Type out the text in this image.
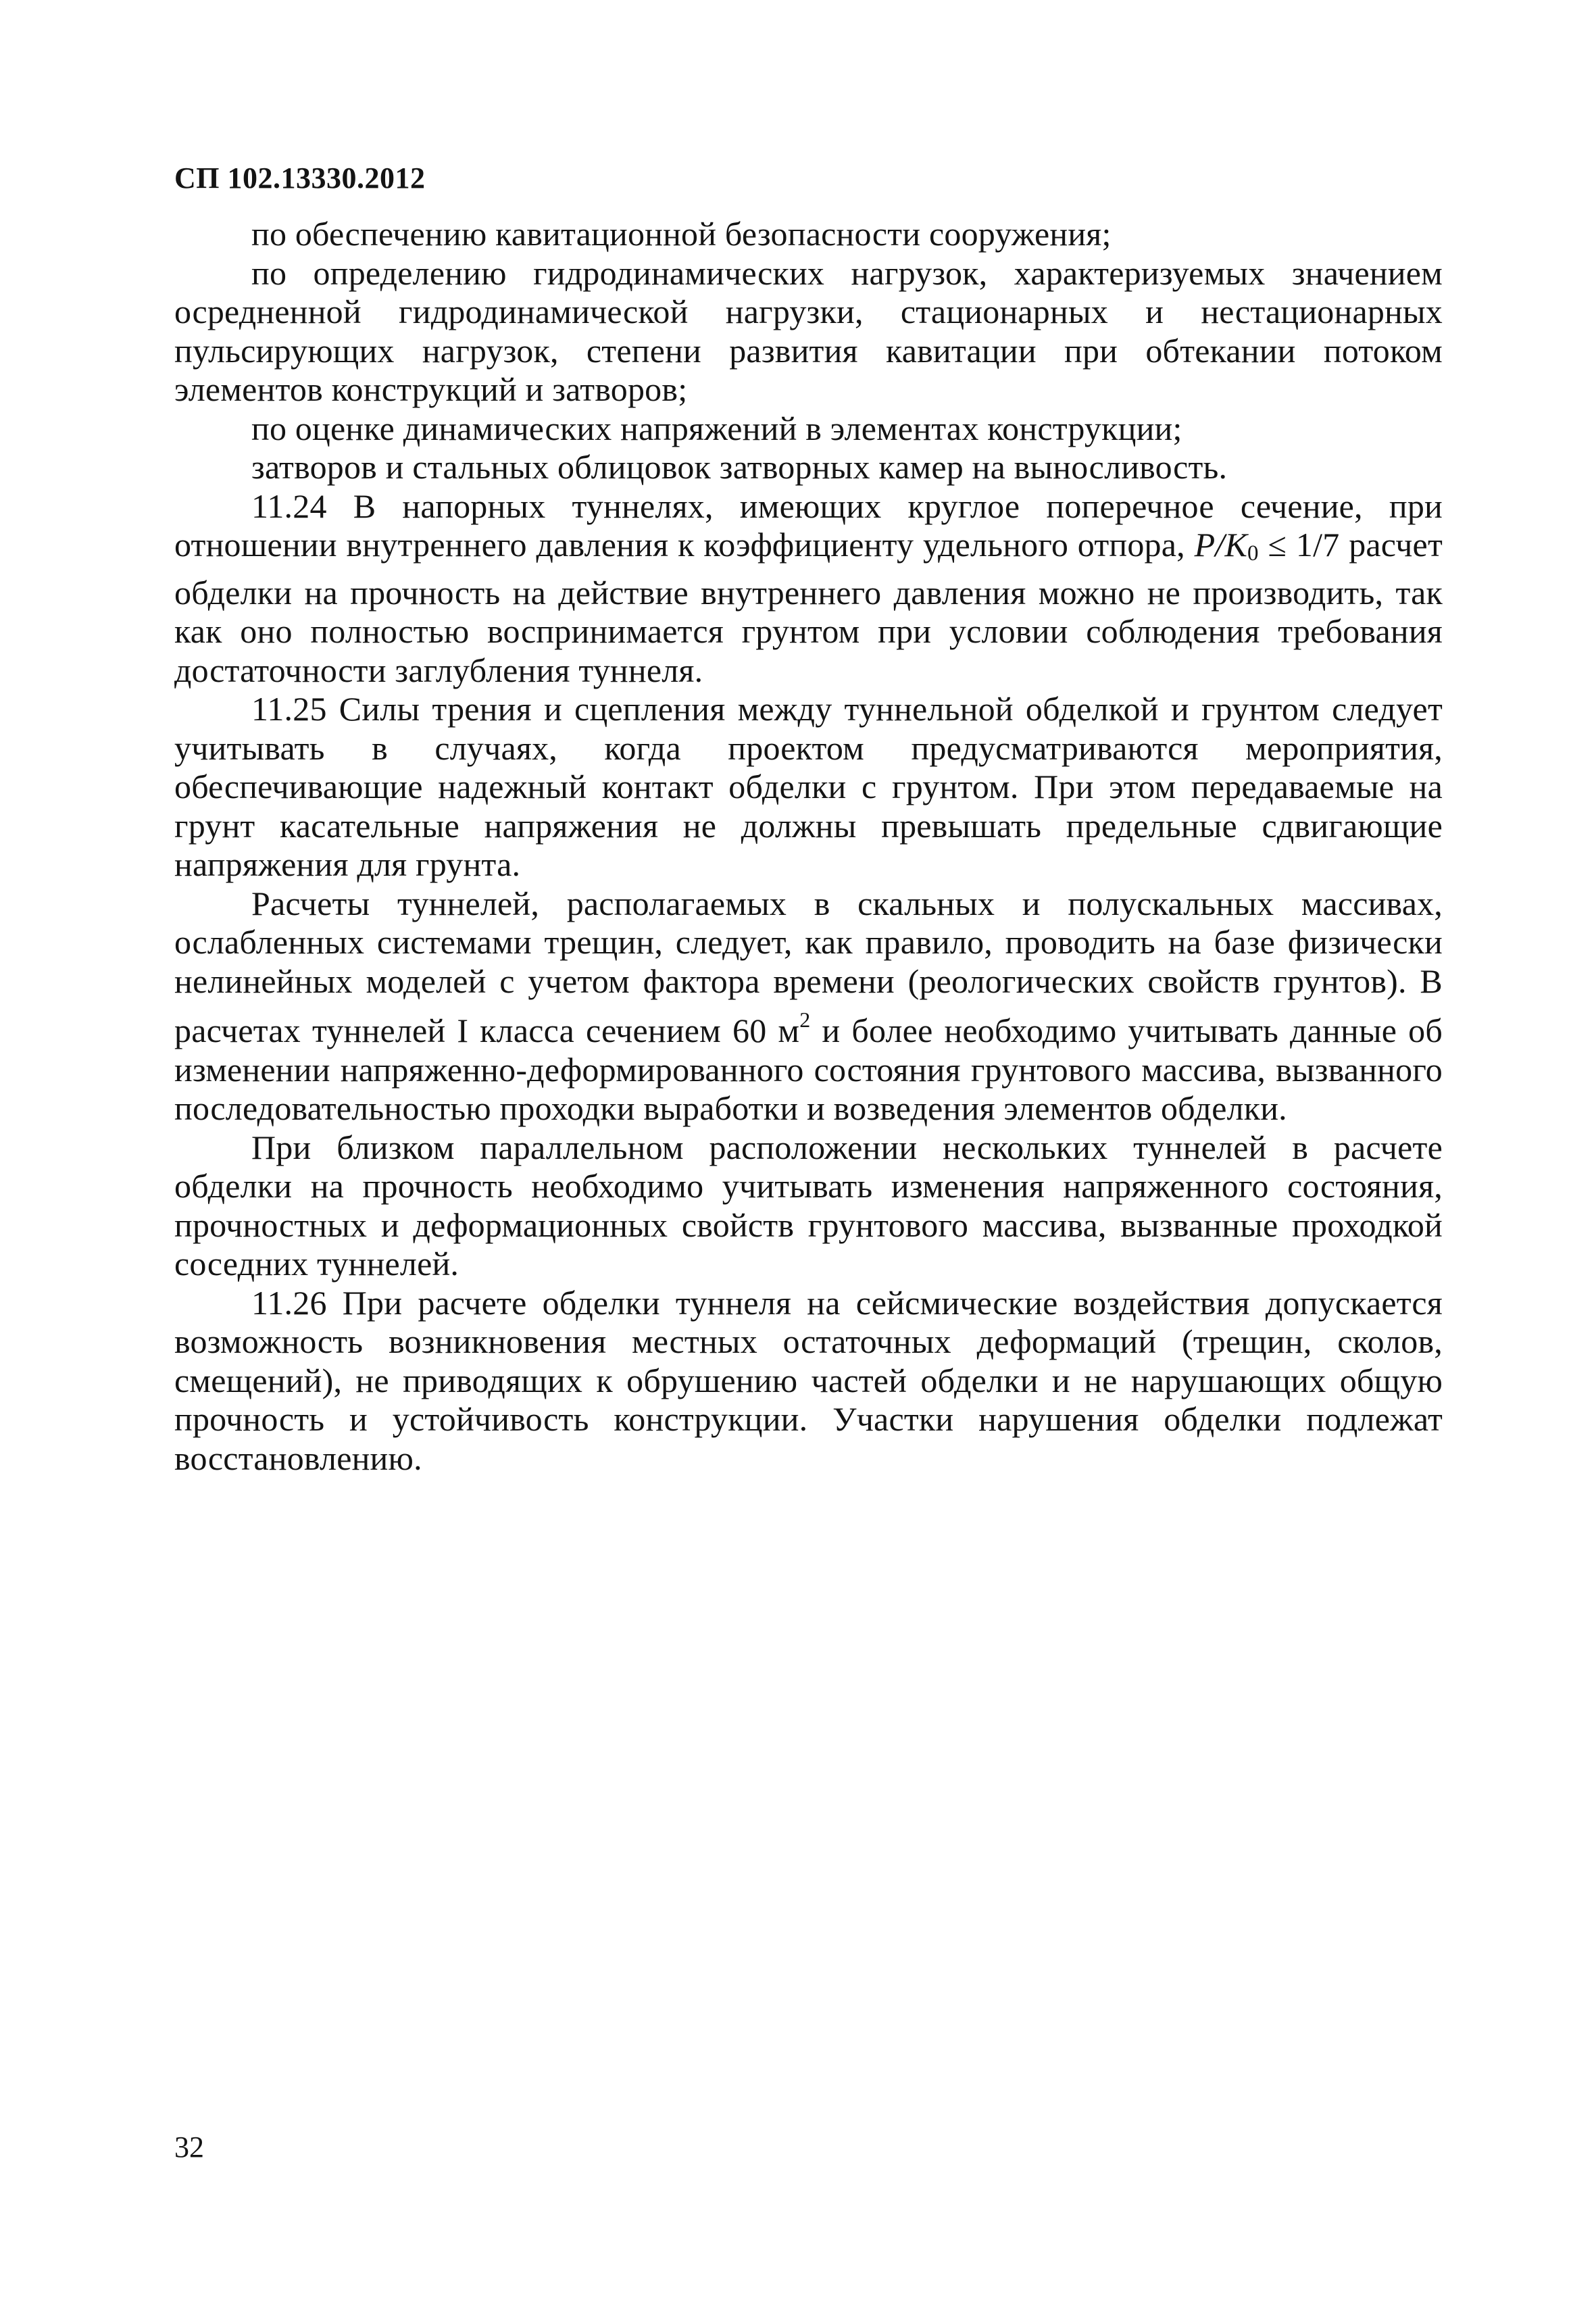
СП 102.13330.2012

по обеспечению кавитационной безопасности сооружения;

по определению гидродинамических нагрузок, характеризуемых значением осредненной гидродинамической нагрузки, стационарных и нестационарных пульсирующих нагрузок, степени развития кавитации при обтекании потоком элементов конструкций и затворов;

по оценке динамических напряжений в элементах конструкции;

затворов и стальных облицовок затворных камер на выносливость.

11.24 В напорных туннелях, имеющих круглое поперечное сечение, при отношении внутреннего давления к коэффициенту удельного отпора, P/K0 ≤ 1/7 расчет обделки на прочность на действие внутреннего давления можно не производить, так как оно полностью воспринимается грунтом при условии соблюдения требования достаточности заглубления туннеля.

11.25 Силы трения и сцепления между туннельной обделкой и грунтом следует учитывать в случаях, когда проектом предусматриваются мероприятия, обеспечивающие надежный контакт обделки с грунтом. При этом передаваемые на грунт касательные напряжения не должны превышать предельные сдвигающие напряжения для грунта.

Расчеты туннелей, располагаемых в скальных и полускальных массивах, ослабленных системами трещин, следует, как правило, проводить на базе физически нелинейных моделей с учетом фактора времени (реологических свойств грунтов). В расчетах туннелей I класса сечением 60 $м^2$ и более необходимо учитывать данные об изменении напряженно-деформированного состояния грунтового массива, вызванного последовательностью проходки выработки и возведения элементов обделки.

При близком параллельном расположении нескольких туннелей в расчете обделки на прочность необходимо учитывать изменения напряженного состояния, прочностных и деформационных свойств грунтового массива, вызванные проходкой соседних туннелей.

11.26 При расчете обделки туннеля на сейсмические воздействия допускается возможность возникновения местных остаточных деформаций (трещин, сколов, смещений), не приводящих к обрушению частей обделки и не нарушающих общую прочность и устойчивость конструкции. Участки нарушения обделки подлежат восстановлению.

32
